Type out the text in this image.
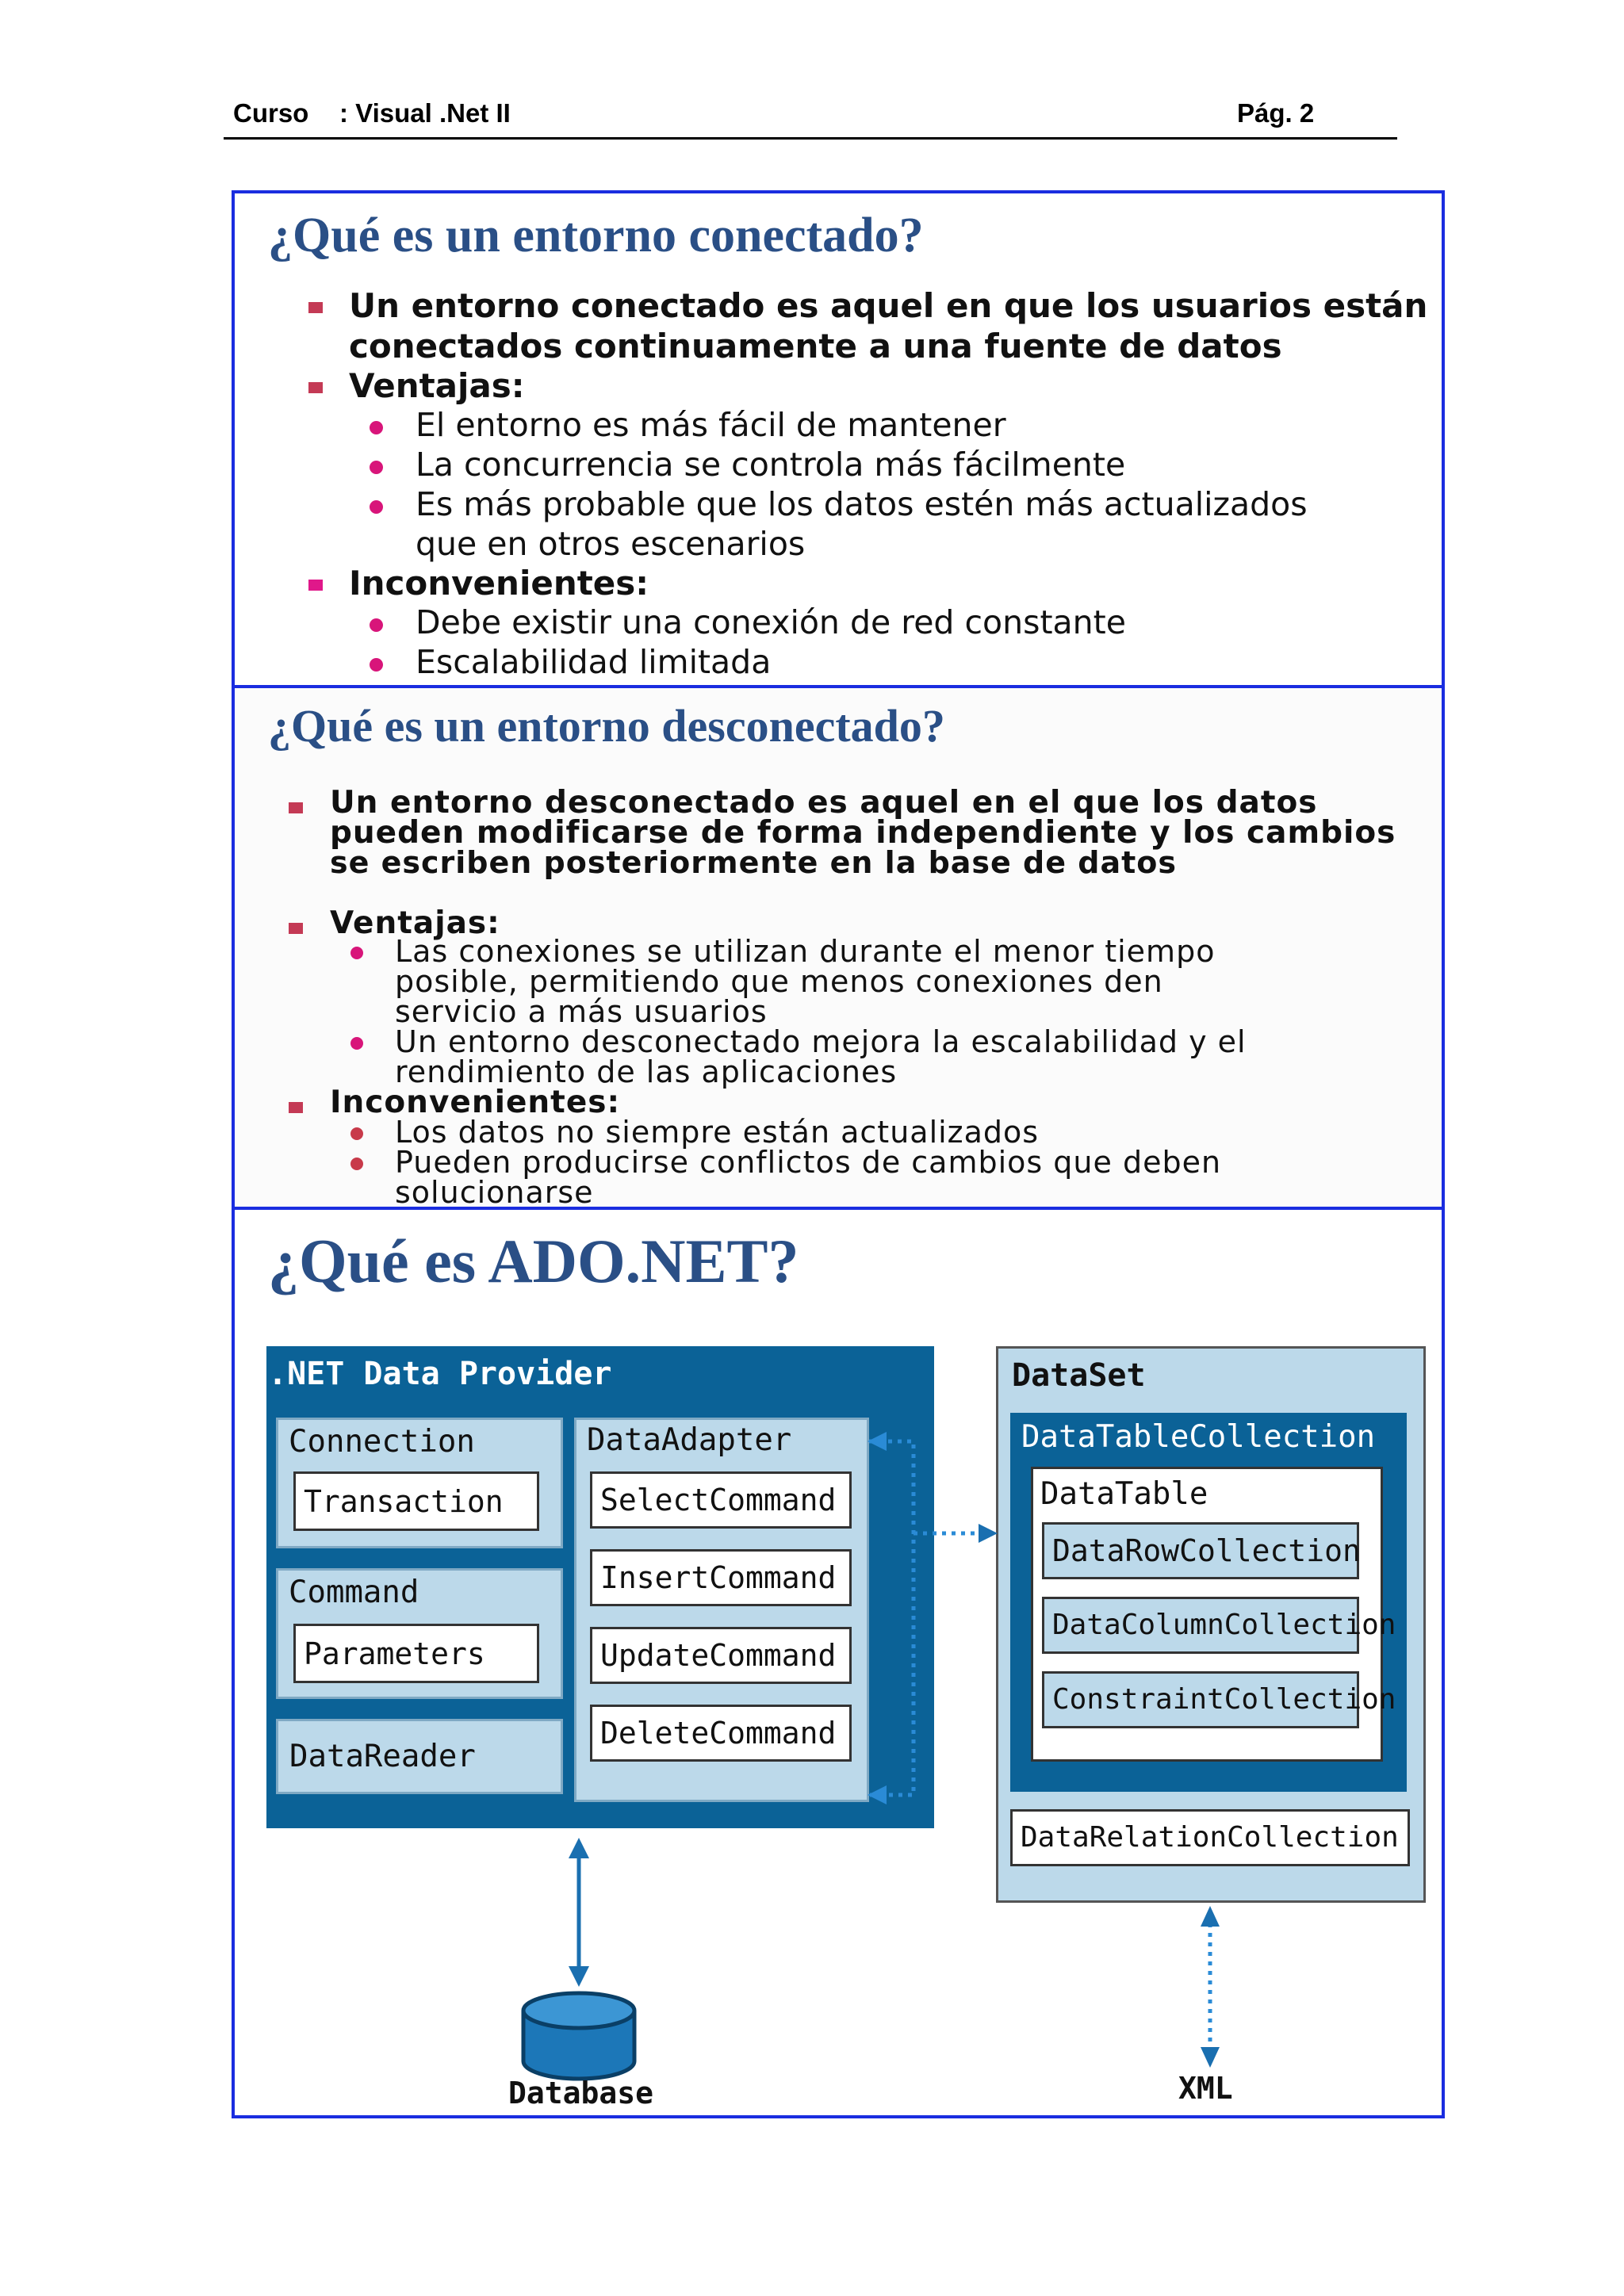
Curso : Visual .Net II	Pág. 2
¿Qué es un entorno conectado?
Un entorno conectado es aquel en que los usuarios están
conectados continuamente a una fuente de datos
Ventajas:
El entorno es más fácil de mantener
La concurrencia se controla más fácilmente
Es más probable que los datos estén más actualizados
que en otros escenarios
Inconvenientes:
Debe existir una conexión de red constante
Escalabilidad limitada
¿Qué es un entorno desconectado?
Un entorno desconectado es aquel en el que los datos
pueden modificarse de forma independiente y los cambios
se escriben posteriormente en la base de datos
Ventajas:
Las conexiones se utilizan durante el menor tiempo
posible, permitiendo que menos conexiones den
servicio a más usuarios
Un entorno desconectado mejora la escalabilidad y el
rendimiento de las aplicaciones
Inconvenientes:
Los datos no siempre están actualizados
Pueden producirse conflictos de cambios que deben
solucionarse
¿Qué es ADO.NET?
.NET Data Provider
Connection
Transaction
Command
Parameters
DataReader
DataAdapter
SelectCommand
InsertCommand
UpdateCommand
DeleteCommand
DataSet
DataTableCollection
DataTable
DataRowCollection
DataColumnCollection
ConstraintCollection
DataRelationCollection
Database	XML
